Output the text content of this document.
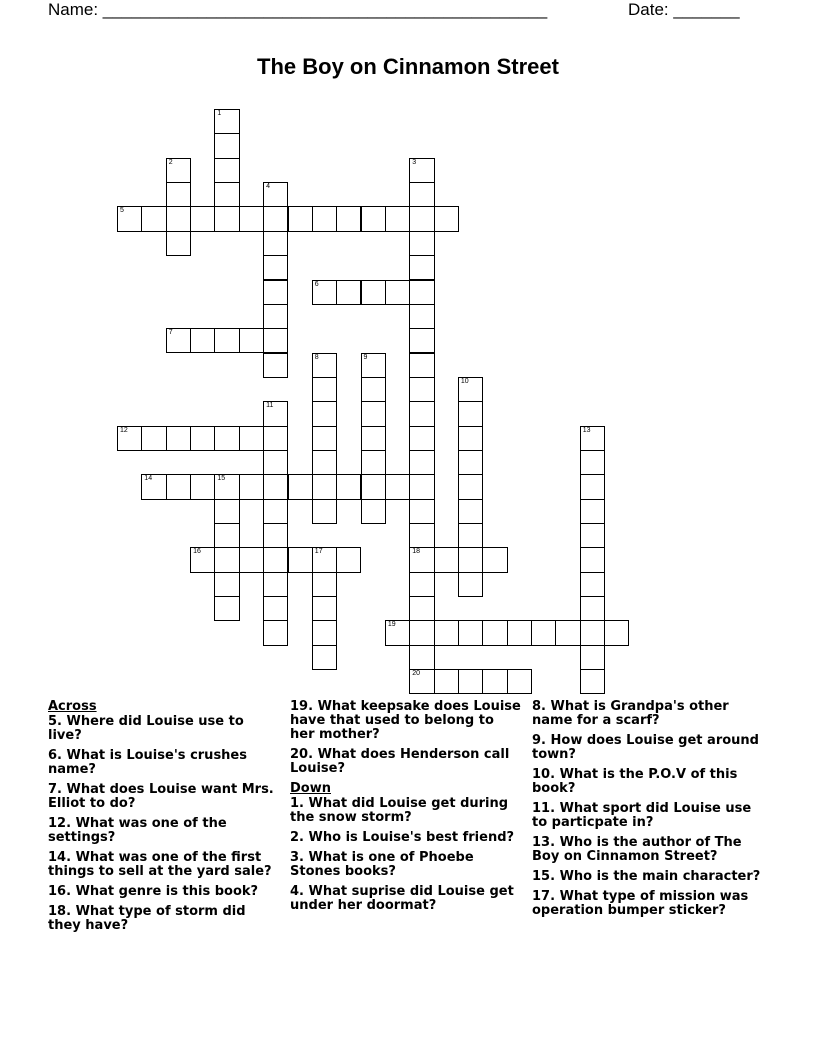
Name: _______________________________________________	Date: _______
The Boy on Cinnamon Street
5
6
7
12
14	15
16	17	18
19
20
1
2	3
4
8	9
10
11
13
Across
5. Where did Louise use to live?
6. What is Louise's crushes name?
7. What does Louise want Mrs. Elliot to do?
12. What was one of the settings?
14. What was one of the first things to sell at the yard sale?
16. What genre is this book?
18. What type of storm did they have?
19. What keepsake does Louise have that used to belong to her mother?
20. What does Henderson call Louise?
Down
1. What did Louise get during the snow storm?
2. Who is Louise's best friend?
3. What is one of Phoebe Stones books?
4. What suprise did Louise get under her doormat?
8. What is Grandpa's other name for a scarf?
9. How does Louise get around town?
10. What is the P.O.V of this book?
11. What sport did Louise use to particpate in?
13. Who is the author of The Boy on Cinnamon Street?
15. Who is the main character?
17. What type of mission was operation bumper sticker?
